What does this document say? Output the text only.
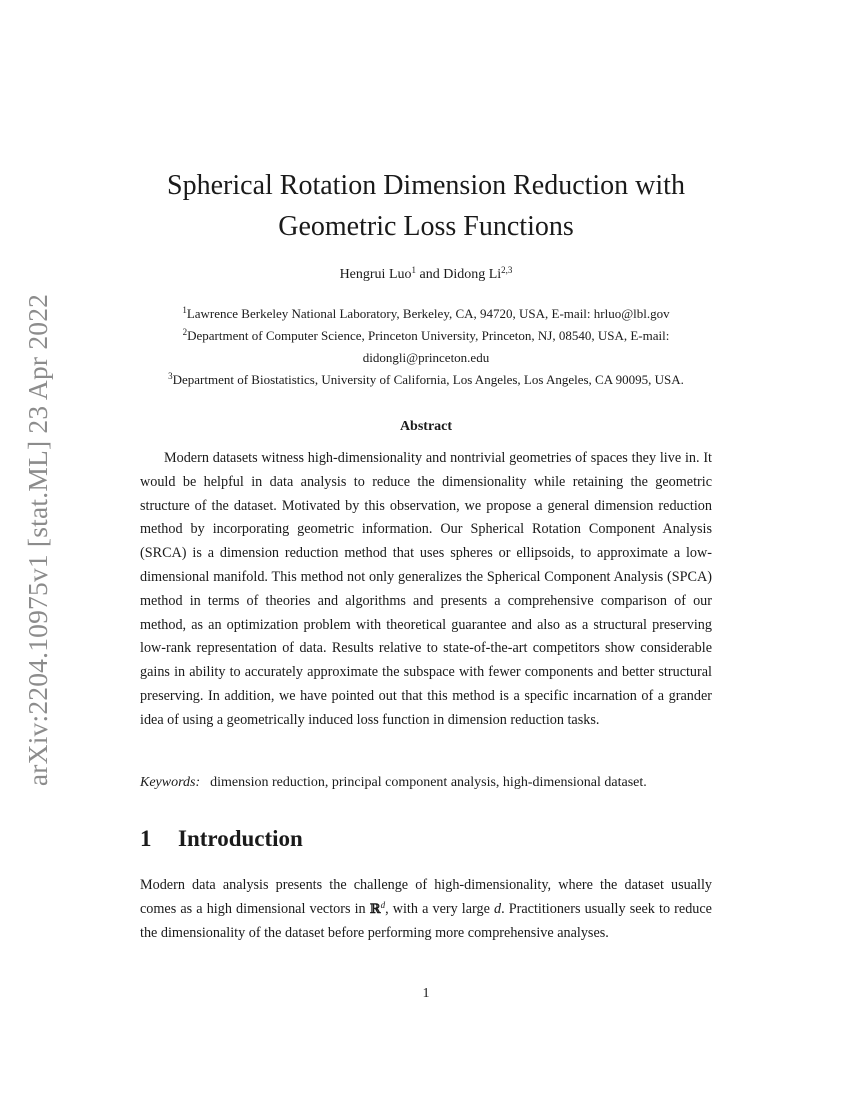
arXiv:2204.10975v1 [stat.ML] 23 Apr 2022
Spherical Rotation Dimension Reduction with
Geometric Loss Functions
Hengrui Luo$^1$ and Didong Li$^{2,3}$
$^1$Lawrence Berkeley National Laboratory, Berkeley, CA, 94720, USA, E-mail: hrluo@lbl.gov
$^2$Department of Computer Science, Princeton University, Princeton, NJ, 08540, USA, E-mail:
didongli@princeton.edu
$^3$Department of Biostatistics, University of California, Los Angeles, Los Angeles, CA 90095, USA.
Abstract
Modern datasets witness high-dimensionality and nontrivial geometries of spaces they live in. It would be helpful in data analysis to reduce the dimensionality while retaining the geometric structure of the dataset. Motivated by this observation, we propose a general dimension reduction method by incorporating geometric information. Our Spherical Rotation Component Analysis (SRCA) is a dimension reduction method that uses spheres or ellipsoids, to approximate a low-dimensional manifold. This method not only generalizes the Spherical Component Analysis (SPCA) method in terms of theories and algorithms and presents a comprehensive comparison of our method, as an optimization problem with theoretical guarantee and also as a structural preserving low-rank representation of data. Results relative to state-of-the-art competitors show considerable gains in ability to accurately approximate the subspace with fewer components and better structural preserving. In addition, we have pointed out that this method is a specific incarnation of a grander idea of using a geometrically induced loss function in dimension reduction tasks.
Keywords: dimension reduction, principal component analysis, high-dimensional dataset.
1 Introduction
Modern data analysis presents the challenge of high-dimensionality, where the dataset usually comes as a high dimensional vectors in ℝ$^d$, with a very large d. Practitioners usually seek to reduce the dimensionality of the dataset before performing more comprehensive analyses.
1
